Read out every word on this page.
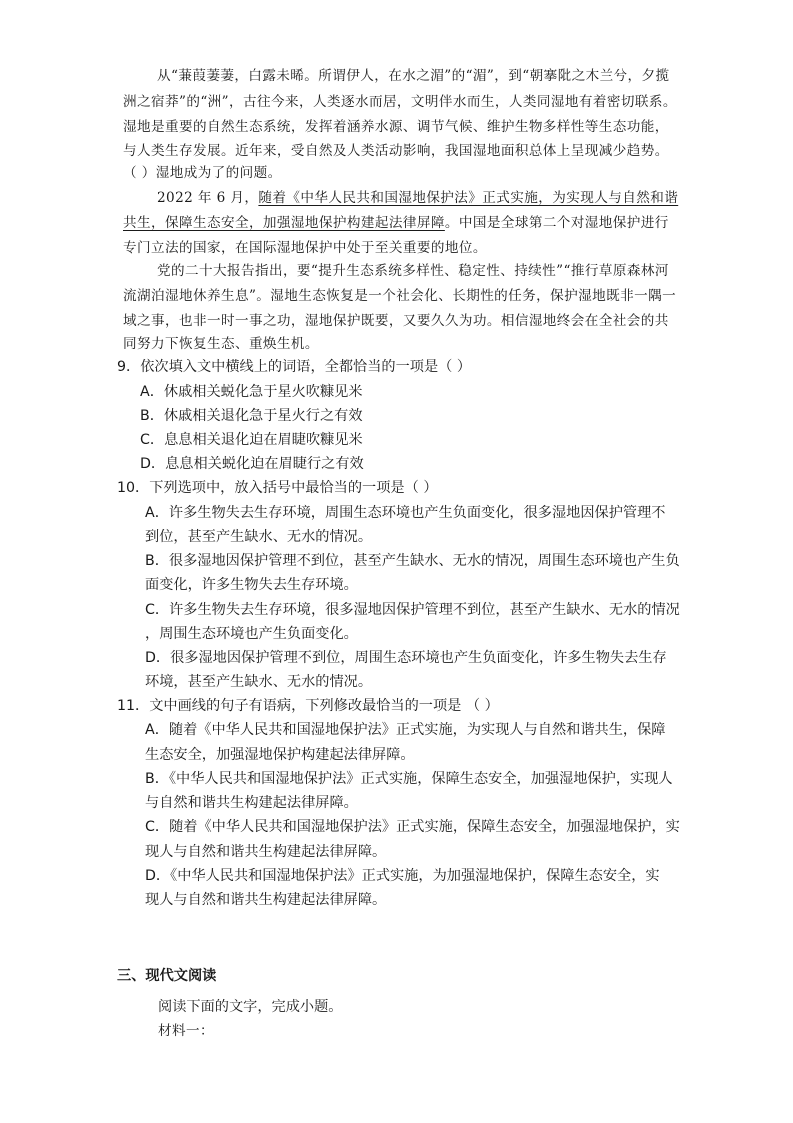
从“蒹葭萋萋，白露未晞。所谓伊人，在水之湄”的“湄”，到“朝搴阰之木兰兮，夕揽
洲之宿莽”的“洲”，古往今来，人类逐水而居，文明伴水而生，人类同湿地有着密切联系。
湿地是重要的自然生态系统，发挥着涵养水源、调节气候、维护生物多样性等生态功能，
与人类生存发展。近年来，受自然及人类活动影响，我国湿地面积总体上呈现减少趋势。
（ ）湿地成为了的问题。
2022 年 6 月，随着《中华人民共和国湿地保护法》正式实施，为实现人与自然和谐
共生，保障生态安全，加强湿地保护构建起法律屏障。中国是全球第二个对湿地保护进行
专门立法的国家，在国际湿地保护中处于至关重要的地位。
党的二十大报告指出，要“提升生态系统多样性、稳定性、持续性”“推行草原森林河
流湖泊湿地休养生息”。湿地生态恢复是一个社会化、长期性的任务，保护湿地既非一隅一
域之事，也非一时一事之功，湿地保护既要，又要久久为功。相信湿地终会在全社会的共
同努力下恢复生态、重焕生机。
9．依次填入文中横线上的词语，全都恰当的一项是（ ）
A．休戚相关蜕化急于星火吹糠见米
B．休戚相关退化急于星火行之有效
C．息息相关退化迫在眉睫吹糠见米
D．息息相关蜕化迫在眉睫行之有效
10．下列选项中，放入括号中最恰当的一项是（ ）
A．许多生物失去生存环境，周围生态环境也产生负面变化，很多湿地因保护管理不
到位，甚至产生缺水、无水的情况。
B．很多湿地因保护管理不到位，甚至产生缺水、无水的情况，周围生态环境也产生负
面变化，许多生物失去生存环境。
C．许多生物失去生存环境，很多湿地因保护管理不到位，甚至产生缺水、无水的情况
，周围生态环境也产生负面变化。
D．很多湿地因保护管理不到位，周围生态环境也产生负面变化，许多生物失去生存
环境，甚至产生缺水、无水的情况。
11．文中画线的句子有语病，下列修改最恰当的一项是 （ ）
A．随着《中华人民共和国湿地保护法》正式实施，为实现人与自然和谐共生，保障
生态安全，加强湿地保护构建起法律屏障。
B．《中华人民共和国湿地保护法》正式实施，保障生态安全，加强湿地保护，实现人
与自然和谐共生构建起法律屏障。
C．随着《中华人民共和国湿地保护法》正式实施，保障生态安全，加强湿地保护，实
现人与自然和谐共生构建起法律屏障。
D．《中华人民共和国湿地保护法》正式实施，为加强湿地保护，保障生态安全，实
现人与自然和谐共生构建起法律屏障。
三、现代文阅读
阅读下面的文字，完成小题。
材料一：
